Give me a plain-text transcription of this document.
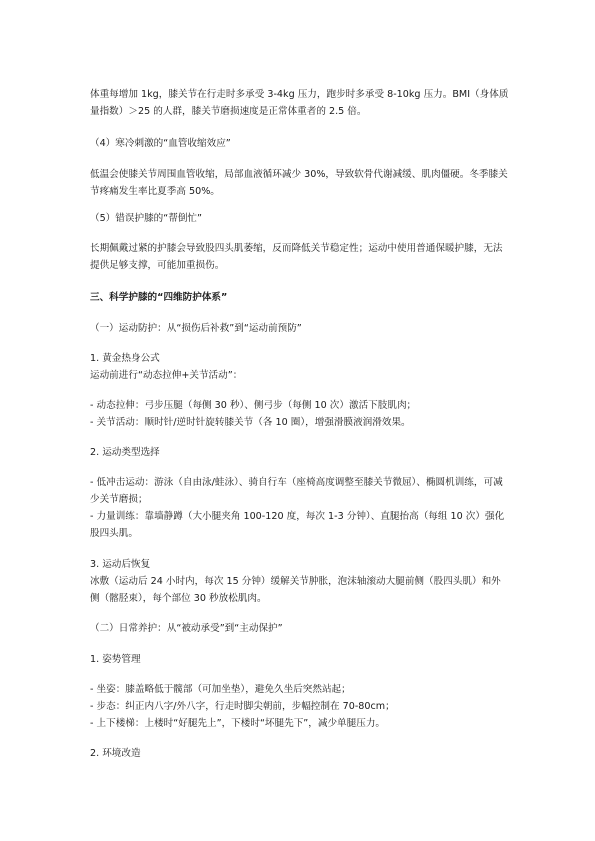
体重每增加 1kg，膝关节在行走时多承受 3-4kg 压力，跑步时多承受 8-10kg 压力。BMI（身体质量指数）＞25 的人群，膝关节磨损速度是正常体重者的 2.5 倍。
（4）寒冷刺激的“血管收缩效应”
低温会使膝关节周围血管收缩，局部血液循环减少 30%，导致软骨代谢减缓、肌肉僵硬。冬季膝关节疼痛发生率比夏季高 50%。
（5）错误护膝的“帮倒忙”
长期佩戴过紧的护膝会导致股四头肌萎缩，反而降低关节稳定性；运动中使用普通保暖护膝，无法提供足够支撑，可能加重损伤。
三、科学护膝的“四维防护体系”
（一）运动防护：从“损伤后补救”到“运动前预防”
1. 黄金热身公式
运动前进行“动态拉伸+关节活动”：
- 动态拉伸：弓步压腿（每侧 30 秒）、侧弓步（每侧 10 次）激活下肢肌肉；
- 关节活动：顺时针/逆时针旋转膝关节（各 10 圈），增强滑膜液润滑效果。
2. 运动类型选择
- 低冲击运动：游泳（自由泳/蛙泳）、骑自行车（座椅高度调整至膝关节微屈）、椭圆机训练，可减少关节磨损；
- 力量训练：靠墙静蹲（大小腿夹角 100-120 度，每次 1-3 分钟）、直腿抬高（每组 10 次）强化股四头肌。
3. 运动后恢复
冰敷（运动后 24 小时内，每次 15 分钟）缓解关节肿胀，泡沫轴滚动大腿前侧（股四头肌）和外侧（髂胫束），每个部位 30 秒放松肌肉。
（二）日常养护：从“被动承受”到“主动保护”
1. 姿势管理
- 坐姿：膝盖略低于髋部（可加坐垫），避免久坐后突然站起；
- 步态：纠正内八字/外八字，行走时脚尖朝前，步幅控制在 70-80cm；
- 上下楼梯：上楼时“好腿先上”，下楼时“坏腿先下”，减少单腿压力。
2. 环境改造
